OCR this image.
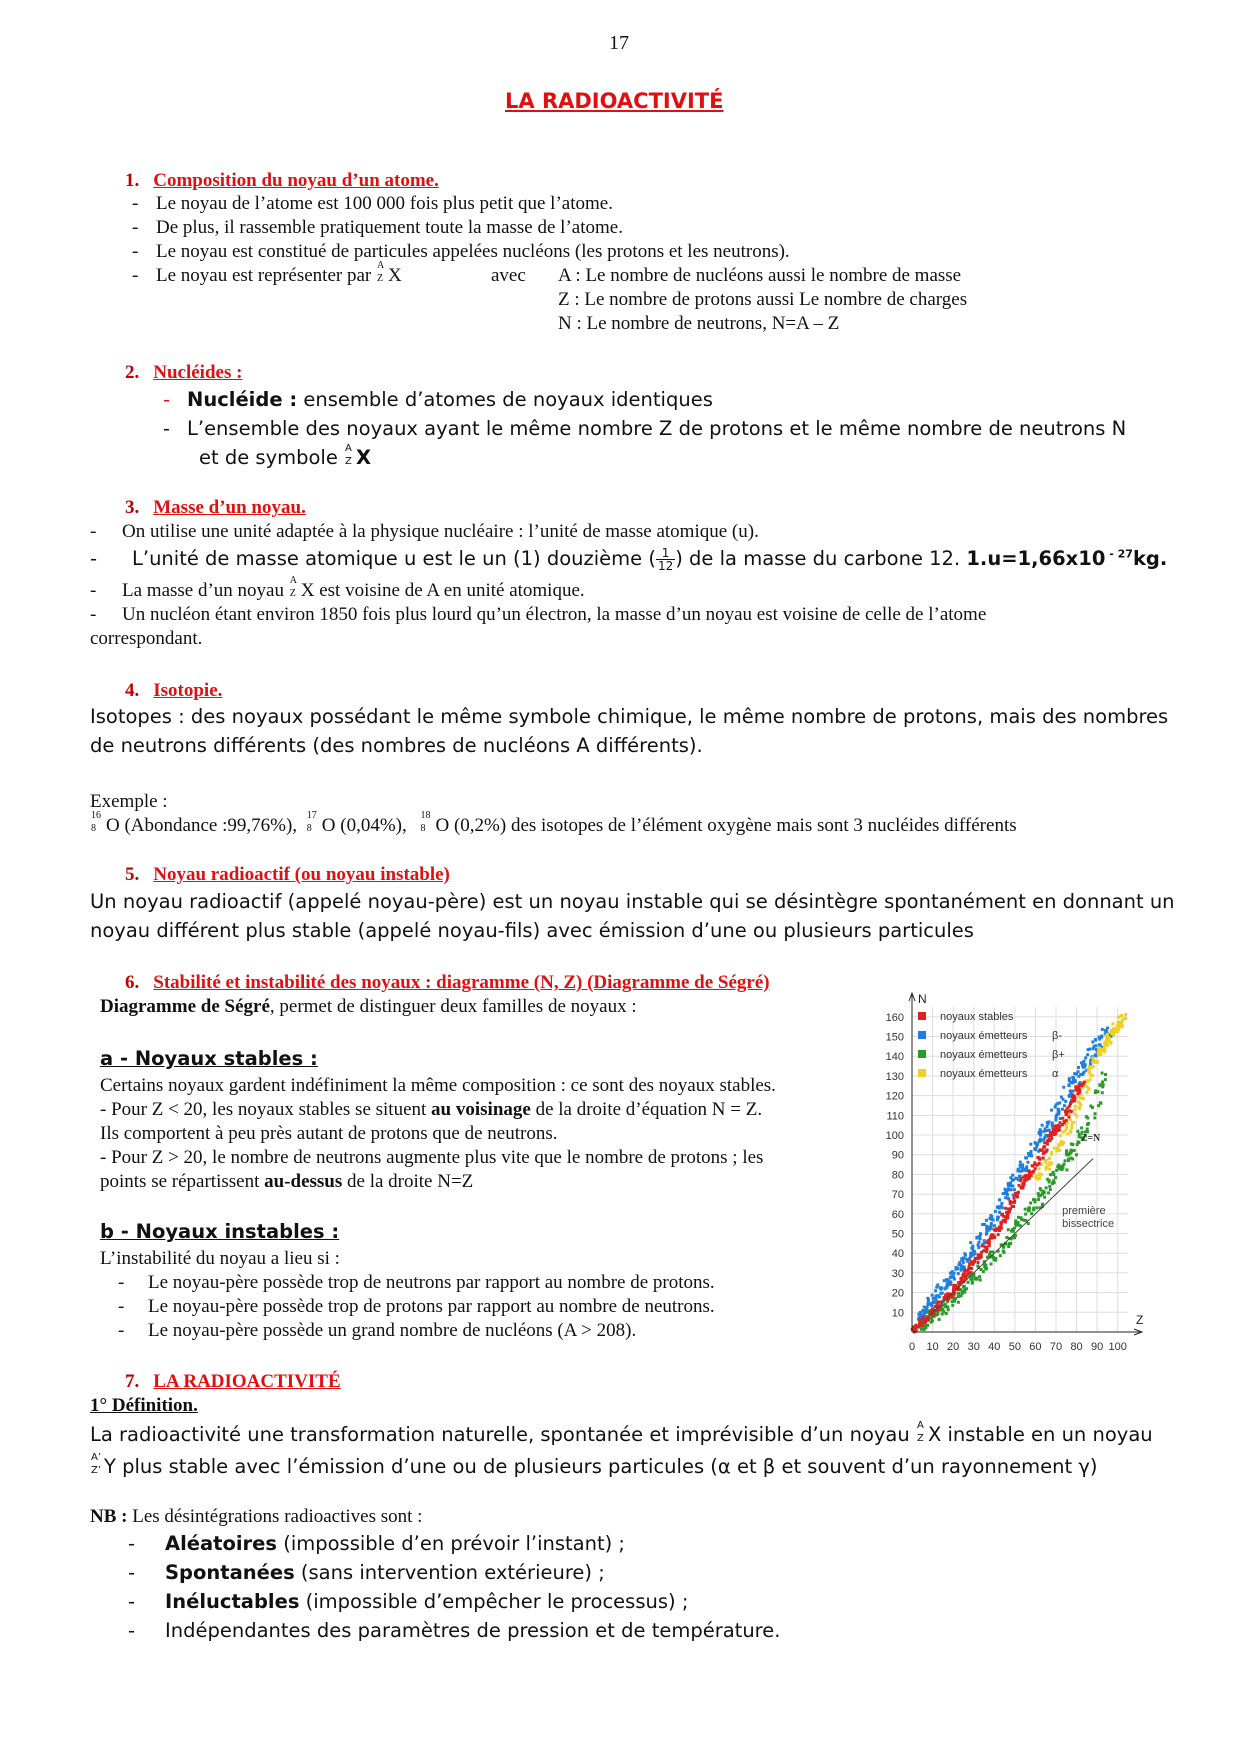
17
LA RADIOACTIVITÉ
1. Composition du noyau d’un atome.
- Le noyau de l’atome est 100 000 fois plus petit que l’atome.
- De plus, il rassemble pratiquement toute la masse de l’atome.
- Le noyau est constitué de particules appelées nucléons (les protons et les neutrons).
- Le noyau est représenter par A
Z X	avec A : Le nombre de nucléons aussi le nombre de masse
Z : Le nombre de protons aussi Le nombre de charges
N : Le nombre de neutrons, N=A – Z
2. Nucléides :
- Nucléide : ensemble d’atomes de noyaux identiques
- L’ensemble des noyaux ayant le même nombre Z de protons et le même nombre de neutrons N
et de symbole A
Z X
3. Masse d’un noyau.
- On utilise une unité adaptée à la physique nucléaire : l’unité de masse atomique (u).
- L’unité de masse atomique u est le un (1) douzième ( $\frac{1}{12}$ ) de la masse du carbone 12. 1.u=1,66x10 $^{- 27}$kg.
- La masse d’un noyau A
Z X est voisine de A en unité atomique.
- Un nucléon étant environ 1850 fois plus lourd qu’un électron, la masse d’un noyau est voisine de celle de l’atome
correspondant.
4. Isotopie.
Isotopes : des noyaux possédant le même symbole chimique, le même nombre de protons, mais des nombres
de neutrons différents (des nombres de nucléons A différents).
Exemple :
16
8 O (Abondance :99,76%), 17
8 O (0,04%), 18
8 O (0,2%) des isotopes de l’élément oxygène mais sont 3 nucléides différents
5. Noyau radioactif (ou noyau instable)
Un noyau radioactif (appelé noyau-père) est un noyau instable qui se désintègre spontanément en donnant un
noyau différent plus stable (appelé noyau-fils) avec émission d’une ou plusieurs particules
6. Stabilité et instabilité des noyaux : diagramme (N, Z) (Diagramme de Ségré)
Diagramme de Ségré, permet de distinguer deux familles de noyaux :
a - Noyaux stables :
Certains noyaux gardent indéfiniment la même composition : ce sont des noyaux stables.
- Pour Z < 20, les noyaux stables se situent au voisinage de la droite d’équation N = Z.
Ils comportent à peu près autant de protons que de neutrons.
- Pour Z > 20, le nombre de neutrons augmente plus vite que le nombre de protons ; les
points se répartissent au-dessus de la droite N=Z
b - Noyaux instables :
L’instabilité du noyau a lieu si :
- Le noyau-père possède trop de neutrons par rapport au nombre de protons.
- Le noyau-père possède trop de protons par rapport au nombre de neutrons.
- Le noyau-père possède un grand nombre de nucléons (A > 208).
0 10 20 30 40 50 60 70 80 90 100
10
20
30
40
50
60
70
80
90
100
110
120
130
140
150
160
N
Z
noyaux stables
noyaux émetteurs β-
noyaux émetteurs β+
noyaux émetteurs α
Z=N
première
bissectrice
7. LA RADIOACTIVITÉ
1° Définition.
La radioactivité une transformation naturelle, spontanée et imprévisible d’un noyau A
Z X instable en un noyau
A’
Z’ Y plus stable avec l’émission d’une ou de plusieurs particules (α et β et souvent d’un rayonnement γ)
NB : Les désintégrations radioactives sont :
- Aléatoires (impossible d’en prévoir l’instant) ;
- Spontanées (sans intervention extérieure) ;
- Inéluctables (impossible d’empêcher le processus) ;
- Indépendantes des paramètres de pression et de température.
